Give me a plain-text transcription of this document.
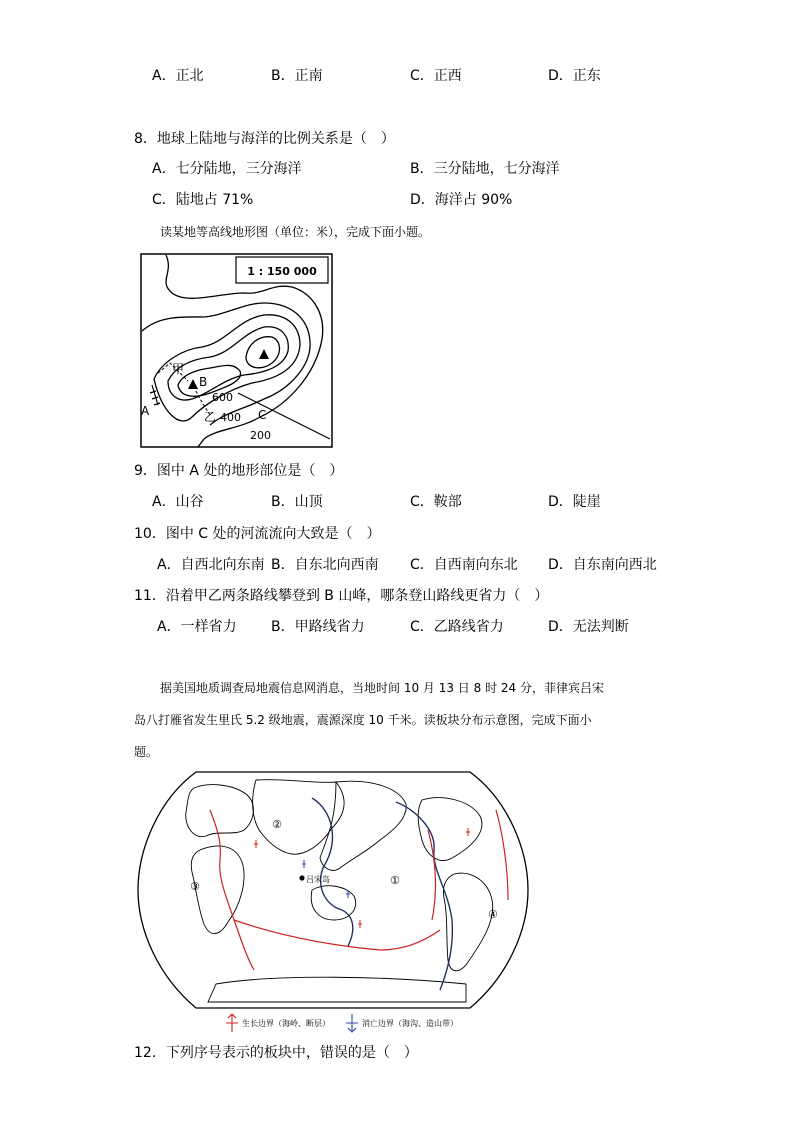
A．正北	B．正南	C．正西	D．正东
8．地球上陆地与海洋的比例关系是（　）
A．七分陆地，三分海洋	B．三分陆地，七分海洋
C．陆地占 71%	D．海洋占 90%
读某地等高线地形图（单位：米），完成下面小题。
1 : 150 000
甲
B
A
600
乙 400 C
200
9．图中 A 处的地形部位是（　）
A．山谷	B．山顶	C．鞍部	D．陡崖
10．图中 C 处的河流流向大致是（　）
A．自西北向东南 B．自东北向西南 C．自西南向东北 D．自东南向西北
11．沿着甲乙两条路线攀登到 B 山峰，哪条登山路线更省力（　）
A．一样省力 B．甲路线省力	C．乙路线省力	D．无法判断
据美国地质调查局地震信息网消息，当地时间 10 月 13 日 8 时 24 分，菲律宾吕宋
岛八打雁省发生里氏 5.2 级地震，震源深度 10 千米。读板块分布示意图，完成下面小
题。
吕宋岛	①
②
③
④
生长边界（海岭、断层）	消亡边界（海沟、造山带）
12．下列序号表示的板块中，错误的是（　）
